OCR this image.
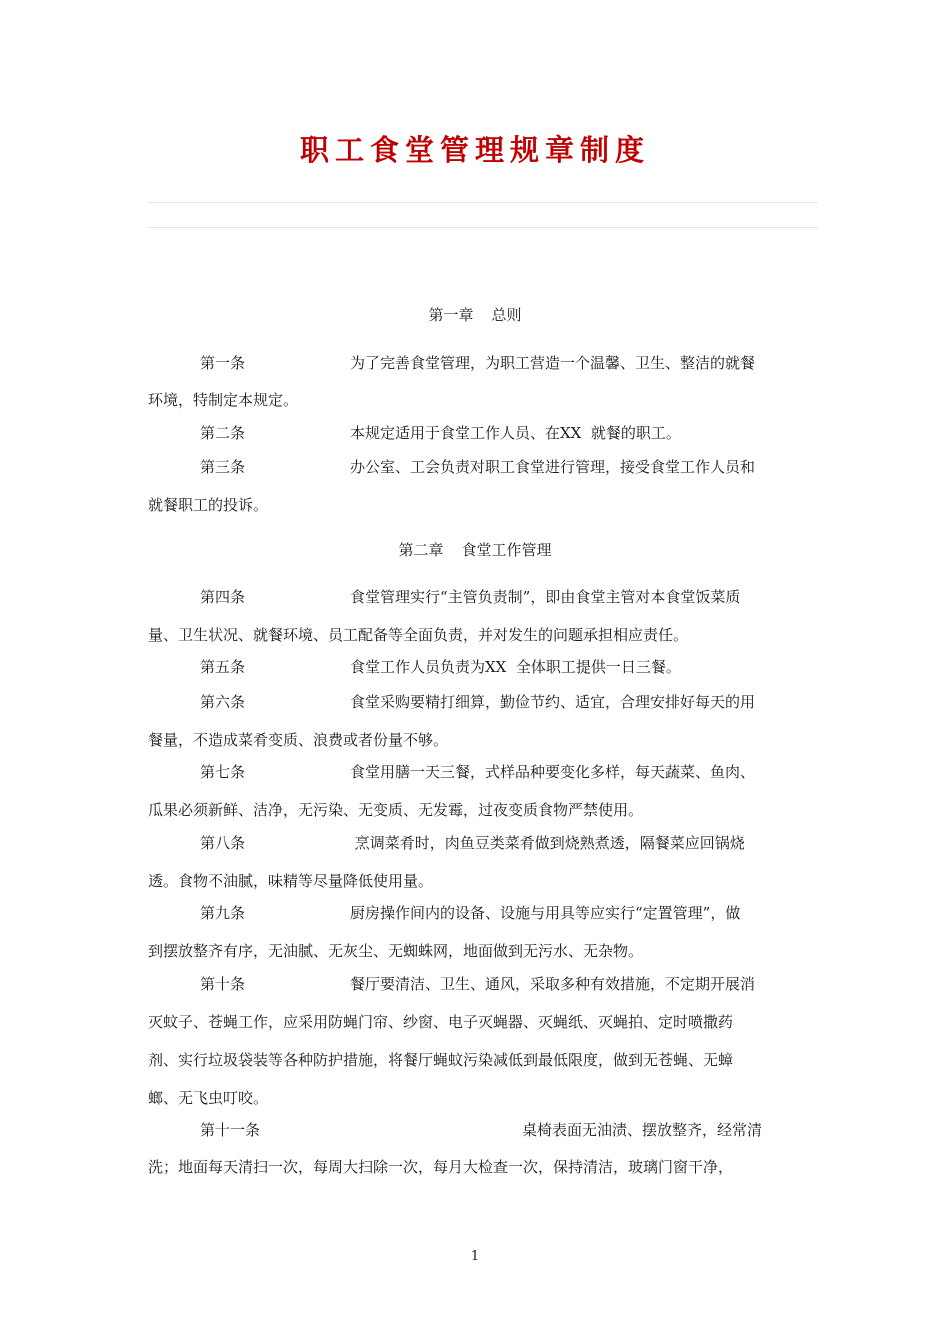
职工食堂管理规章制度
第一章 总则
第一条	为了完善食堂管理，为职工营造一个温馨、卫生、整洁的就餐
环境，特制定本规定。
第二条	本规定适用于食堂工作人员、在XX  就餐的职工。
第三条	办公室、工会负责对职工食堂进行管理，接受食堂工作人员和
就餐职工的投诉。
第二章 食堂工作管理
第四条	食堂管理实行“主管负责制”，即由食堂主管对本食堂饭菜质
量、卫生状况、就餐环境、员工配备等全面负责，并对发生的问题承担相应责任。
第五条	食堂工作人员负责为XX  全体职工提供一日三餐。
第六条	食堂采购要精打细算，勤俭节约、适宜，合理安排好每天的用
餐量，不造成菜肴变质、浪费或者份量不够。
第七条	食堂用膳一天三餐，式样品种要变化多样，每天蔬菜、鱼肉、
瓜果必须新鲜、洁净，无污染、无变质、无发霉，过夜变质食物严禁使用。
第八条	烹调菜肴时，肉鱼豆类菜肴做到烧熟煮透，隔餐菜应回锅烧
透。食物不油腻，味精等尽量降低使用量。
第九条	厨房操作间内的设备、设施与用具等应实行“定置管理”，做
到摆放整齐有序，无油腻、无灰尘、无蜘蛛网，地面做到无污水、无杂物。
第十条	餐厅要清洁、卫生、通风，采取多种有效措施，不定期开展消
灭蚊子、苍蝇工作，应采用防蝇门帘、纱窗、电子灭蝇器、灭蝇纸、灭蝇拍、定时喷撒药
剂、实行垃圾袋装等各种防护措施，将餐厅蝇蚊污染减低到最低限度，做到无苍蝇、无蟑
螂、无飞虫叮咬。
第十一条	桌椅表面无油渍、摆放整齐，经常清
洗；地面每天清扫一次，每周大扫除一次，每月大检查一次，保持清洁，玻璃门窗干净，
1
